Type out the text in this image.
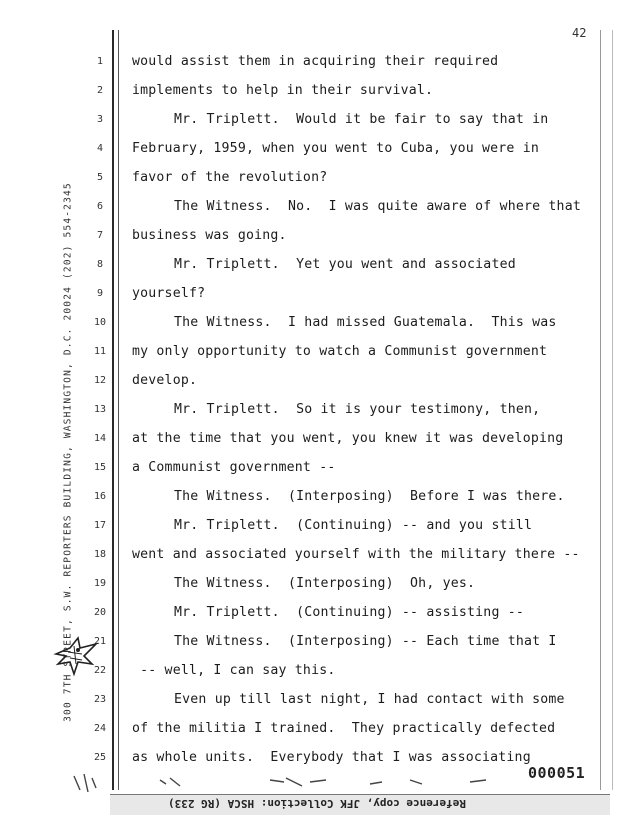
42
300 7TH STREET, S.W. REPORTERS BUILDING, WASHINGTON, D.C. 20024 (202) 554-2345
1	would assist them in acquiring their required
2	implements to help in their survival.
3	Mr. Triplett.  Would it be fair to say that in
4	February, 1959, when you went to Cuba, you were in
5	favor of the revolution?
6	The Witness.  No.  I was quite aware of where that
7	business was going.
8	Mr. Triplett.  Yet you went and associated
9	yourself?
10	The Witness.  I had missed Guatemala.  This was
11 my only opportunity to watch a Communist government
12 develop.
13	Mr. Triplett.  So it is your testimony, then,
14 at the time that you went, you knew it was developing
15 a Communist government --
16	The Witness.  (Interposing)  Before I was there.
17	Mr. Triplett.  (Continuing) -- and you still
18 went and associated yourself with the military there --
19	The Witness.  (Interposing)  Oh, yes.
20	Mr. Triplett.  (Continuing) -- assisting --
21	The Witness.  (Interposing) -- Each time that I
22 -- well, I can say this.
23	Even up till last night, I had contact with some
24 of the militia I trained.  They practically defected
25 as whole units.  Everybody that I was associating
000051
Reference copy, JFK Collection: HSCA (RG 233)
